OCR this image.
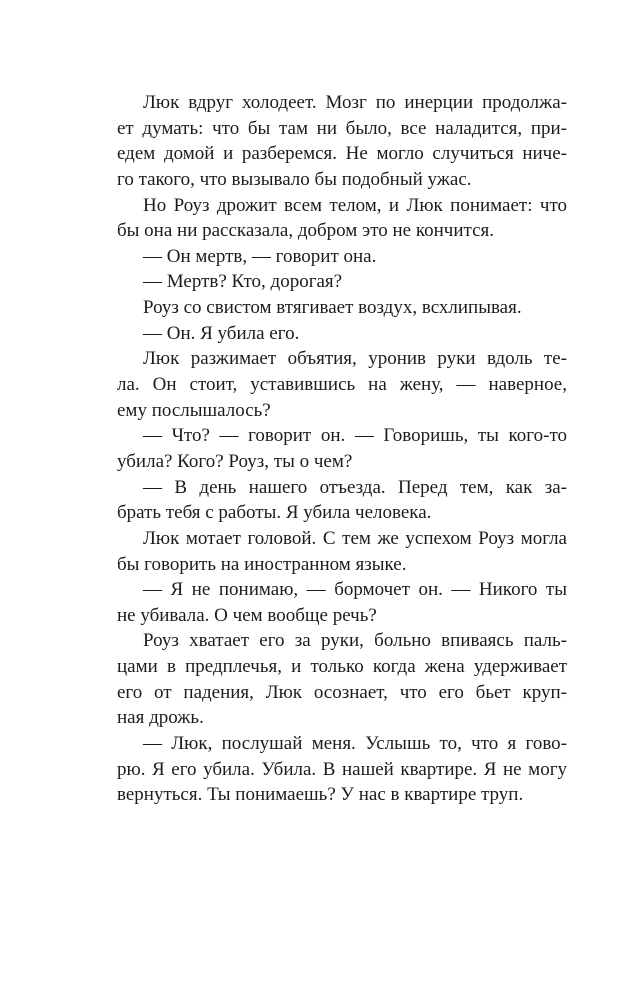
Люк вдруг холодеет. Мозг по инерции продолжа-
ет думать: что бы там ни было, все наладится, при-
едем домой и разберемся. Не могло случиться ниче-
го такого, что вызывало бы подобный ужас.
Но Роуз дрожит всем телом, и Люк понимает: что
бы она ни рассказала, добром это не кончится.
— Он мертв, — говорит она.
— Мертв? Кто, дорогая?
Роуз со свистом втягивает воздух, всхлипывая.
— Он. Я убила его.
Люк разжимает объятия, уронив руки вдоль те-
ла. Он стоит, уставившись на жену, — наверное,
ему послышалось?
— Что? — говорит он. — Говоришь, ты кого-то
убила? Кого? Роуз, ты о чем?
— В день нашего отъезда. Перед тем, как за-
брать тебя с работы. Я убила человека.
Люк мотает головой. С тем же успехом Роуз могла
бы говорить на иностранном языке.
— Я не понимаю, — бормочет он. — Никого ты
не убивала. О чем вообще речь?
Роуз хватает его за руки, больно впиваясь паль-
цами в предплечья, и только когда жена удерживает
его от падения, Люк осознает, что его бьет круп-
ная дрожь.
— Люк, послушай меня. Услышь то, что я гово-
рю. Я его убила. Убила. В нашей квартире. Я не могу
вернуться. Ты понимаешь? У нас в квартире труп.
